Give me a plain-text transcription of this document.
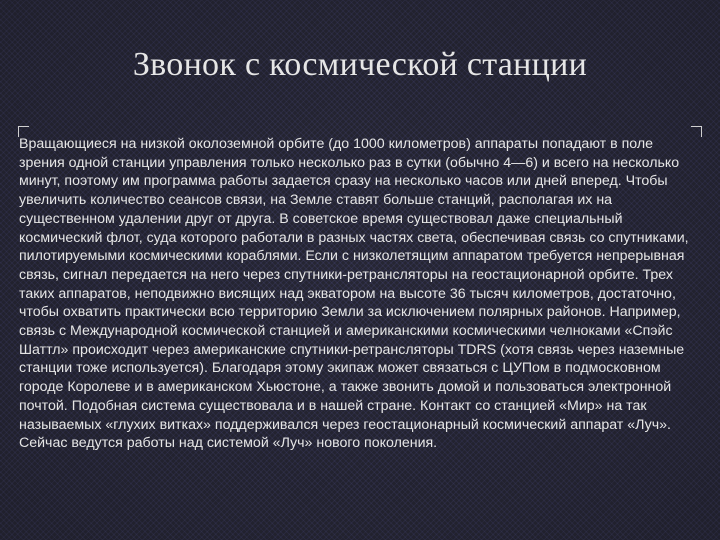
Звонок с космической станции

Вращающиеся на низкой околоземной орбите (до 1000 километров) аппараты попадают в поле зрения одной станции управления только несколько раз в сутки (обычно 4—6) и всего на несколько минут, поэтому им программа работы задается сразу на несколько часов или дней вперед. Чтобы увеличить количество сеансов связи, на Земле ставят больше станций, располагая их на существенном удалении друг от друга. В советское время существовал даже специальный космический флот, суда которого работали в разных частях света, обеспечивая связь со спутниками, пилотируемыми космическими кораблями. Если с низколетящим аппаратом требуется непрерывная связь, сигнал передается на него через спутники-ретрансляторы на геостационарной орбите. Трех таких аппаратов, неподвижно висящих над экватором на высоте 36 тысяч километров, достаточно, чтобы охватить практически всю территорию Земли за исключением полярных районов. Например, связь с Международной космической станцией и американскими космическими челноками «Спэйс Шаттл» происходит через американские спутники-ретрансляторы TDRS (хотя связь через наземные станции тоже используется). Благодаря этому экипаж может связаться с ЦУПом в подмосковном городе Королеве и в американском Хьюстоне, а также звонить домой и пользоваться электронной почтой. Подобная система существовала и в нашей стране. Контакт со станцией «Мир» на так называемых «глухих витках» поддерживался через геостационарный космический аппарат «Луч». Сейчас ведутся работы над системой «Луч» нового поколения.
